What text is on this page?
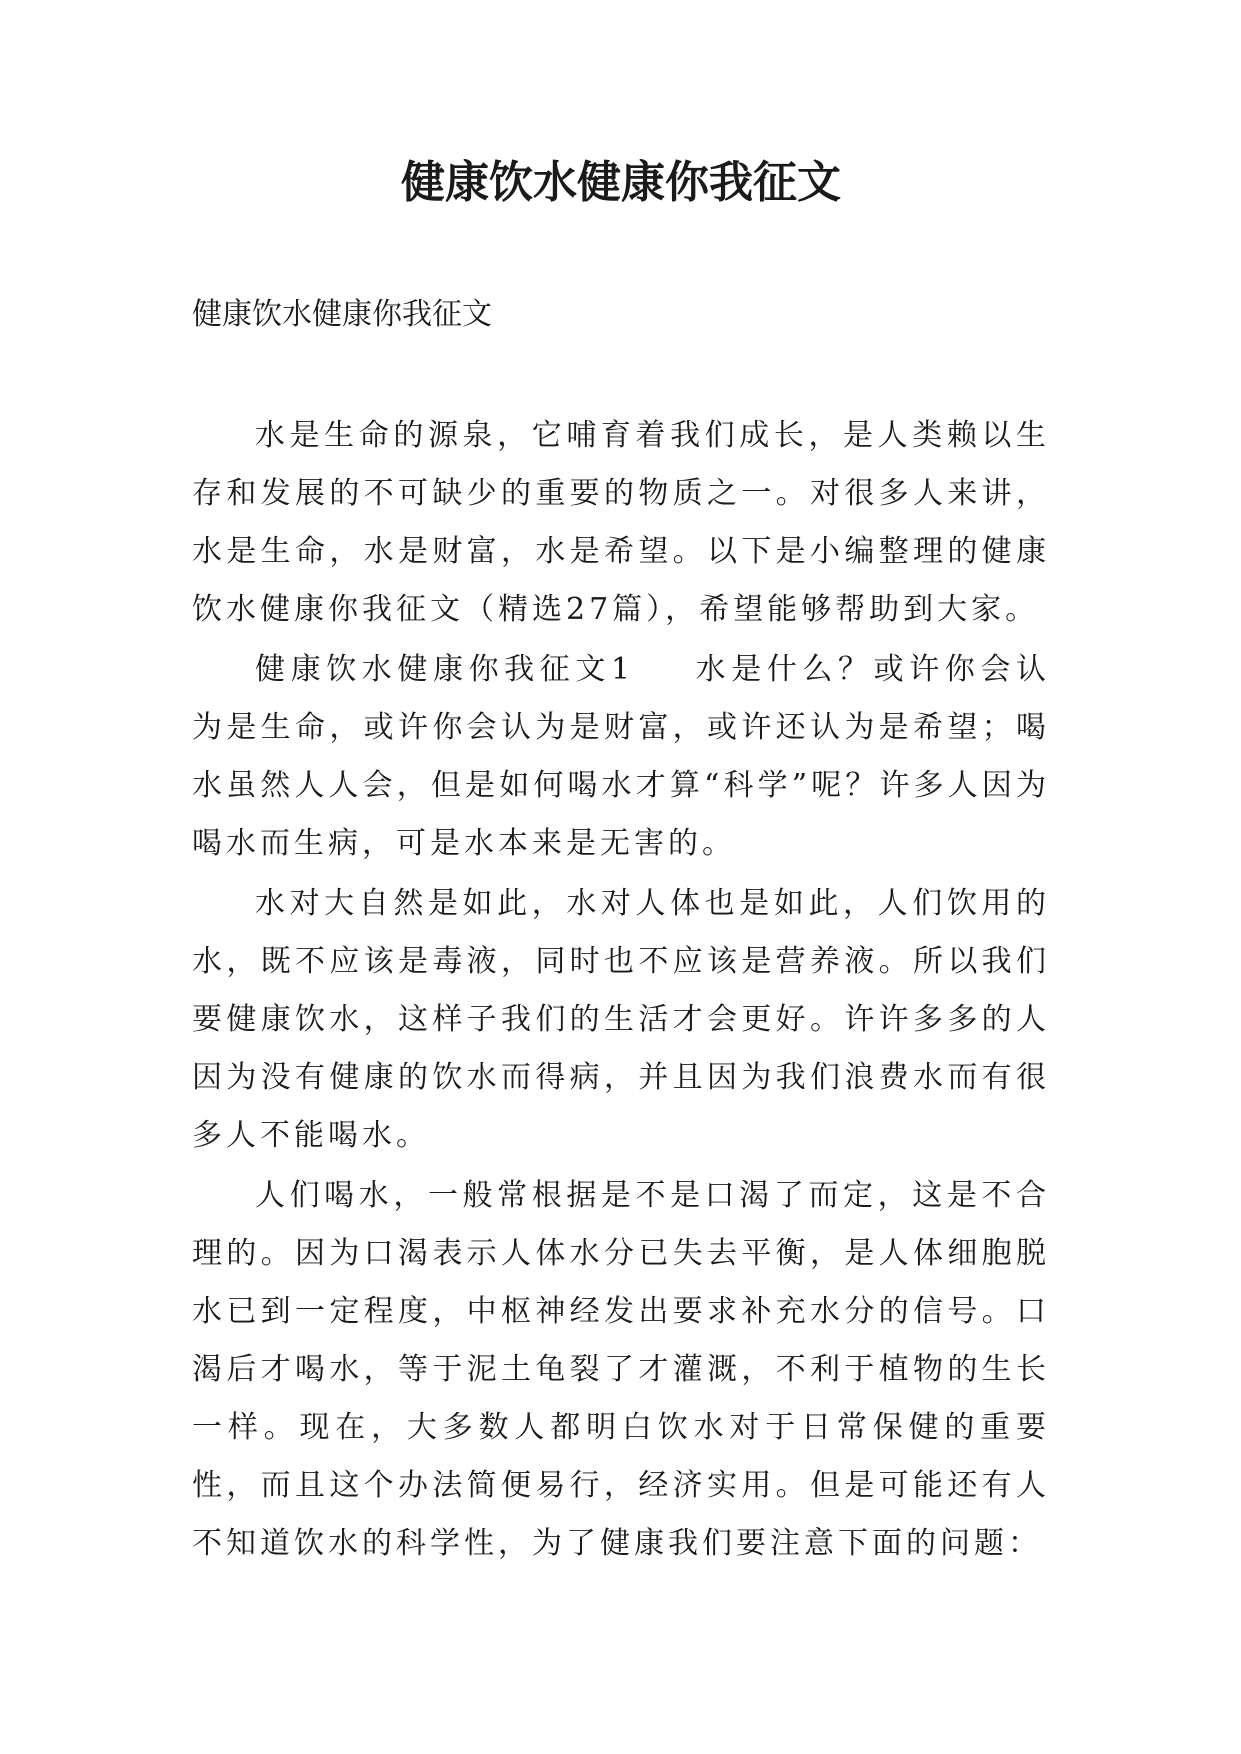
健康饮水健康你我征文

健康饮水健康你我征文

水是生命的源泉，它哺育着我们成长，是人类赖以生存和发展的不可缺少的重要的物质之一。对很多人来讲，水是生命，水是财富，水是希望。以下是小编整理的健康饮水健康你我征文（精选27篇），希望能够帮助到大家。

健康饮水健康你我征文1 水是什么？或许你会认为是生命，或许你会认为是财富，或许还认为是希望；喝水虽然人人会，但是如何喝水才算“科学”呢？许多人因为喝水而生病，可是水本来是无害的。

水对大自然是如此，水对人体也是如此，人们饮用的水，既不应该是毒液，同时也不应该是营养液。所以我们要健康饮水，这样子我们的生活才会更好。许许多多的人因为没有健康的饮水而得病，并且因为我们浪费水而有很多人不能喝水。

人们喝水，一般常根据是不是口渴了而定，这是不合理的。因为口渴表示人体水分已失去平衡，是人体细胞脱水已到一定程度，中枢神经发出要求补充水分的信号。口渴后才喝水，等于泥土龟裂了才灌溉，不利于植物的生长一样。现在，大多数人都明白饮水对于日常保健的重要性，而且这个办法简便易行，经济实用。但是可能还有人不知道饮水的科学性，为了健康我们要注意下面的问题：
